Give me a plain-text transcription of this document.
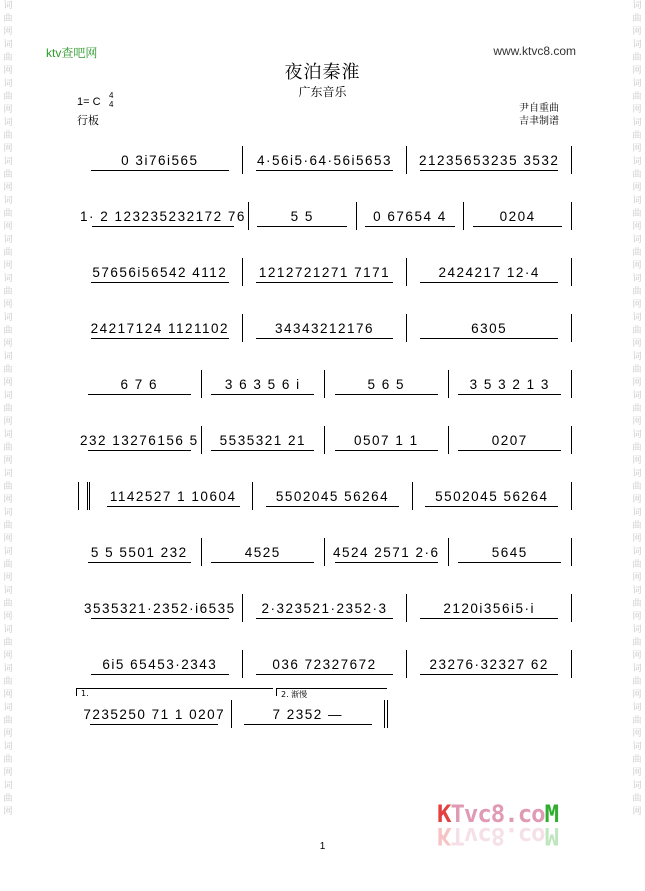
词曲网词曲网词曲网词曲网词曲网词曲网词曲网词曲网词曲网词曲网词曲网词曲网词曲网词曲网词曲网词曲网词曲网词曲网词曲网词曲网词曲网
词曲网词曲网词曲网词曲网词曲网词曲网词曲网词曲网词曲网词曲网词曲网词曲网词曲网词曲网词曲网词曲网词曲网词曲网词曲网词曲网词曲网
ktv查吧网	www.ktvc8.com
夜泊秦淮
广东音乐
1= C
4
4
行板
尹自重曲
吉聿制谱
0 3i76i565	4·56i5·64·56i5653	21235653235 3532
1· 2 123235232172 76	5 5	0 67654 4	0204
57656i56542 4112	1212721271 7171	2424217 12·4
24217124 1121102	34343212176	6305
6 7 6	3 6 3 5 6 i	5 6 5	3 5 3 2 1 3
232 13276156 5	5535321 21	0507 1 1	0207
1142527 1 10604	5502045 56264	5502045 56264
5 5 5501 232	4525	4524 2571 2·6	5645
3535321·2352·i6535	2·323521·2352·3	2120i356i5·i
6i5 65453·2343	036 72327672	23276·32327 62
7235250 71 1 0207	7 2352 —
1.	2. 渐慢
1
KTvc8.coM
KTvc8.coM
